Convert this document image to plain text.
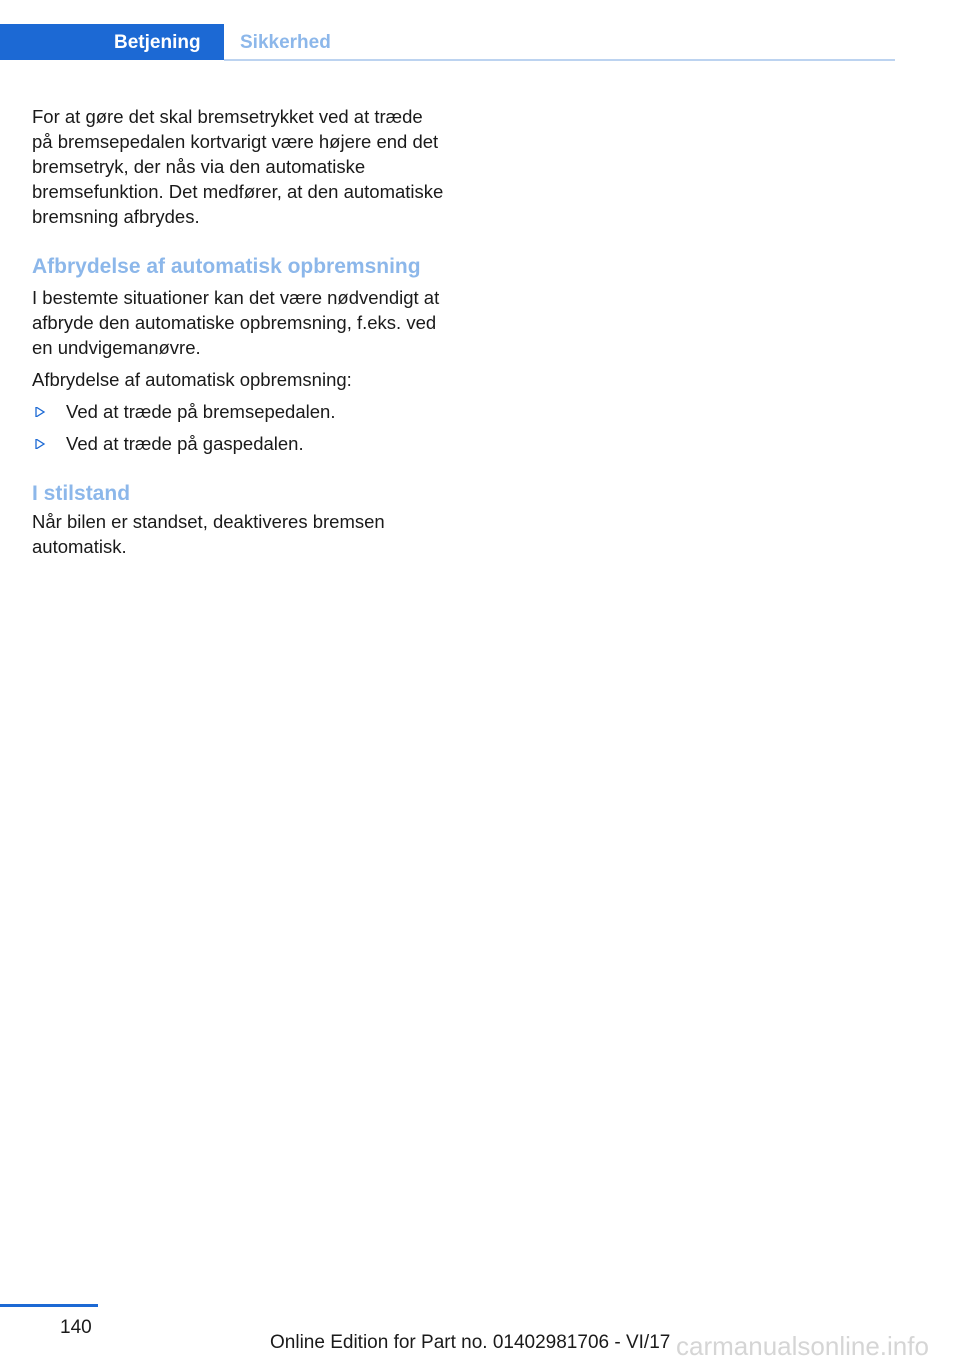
Betjening	Sikkerhed

For at gøre det skal bremsetrykket ved at træde på bremsepedalen kortvarigt være højere end det bremsetryk, der nås via den automatiske bremsefunktion. Det medfører, at den automatiske bremsning afbrydes.

Afbrydelse af automatisk opbremsning

I bestemte situationer kan det være nødvendigt at afbryde den automatiske opbremsning, f.eks. ved en undvigemanøvre.

Afbrydelse af automatisk opbremsning:

Ved at træde på bremsepedalen.
Ved at træde på gaspedalen.
I stilstand

Når bilen er standset, deaktiveres bremsen automatisk.

140
Online Edition for Part no. 01402981706 - VI/17 carmanualsonline.info
